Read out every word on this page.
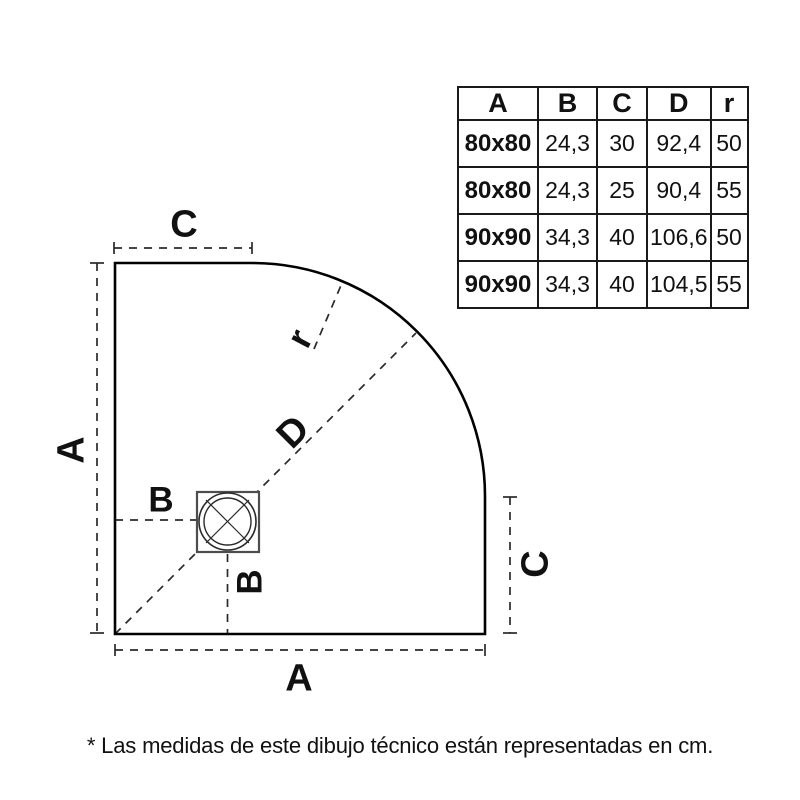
C
A
A
C
B
B
D
r
A	B	C	D	r
80x80	24,3	30	92,4	50
80x80	24,3	25	90,4	55
90x90	34,3	40	106,6	50
90x90	34,3	40	104,5	55
* Las medidas de este dibujo técnico están representadas en cm.
